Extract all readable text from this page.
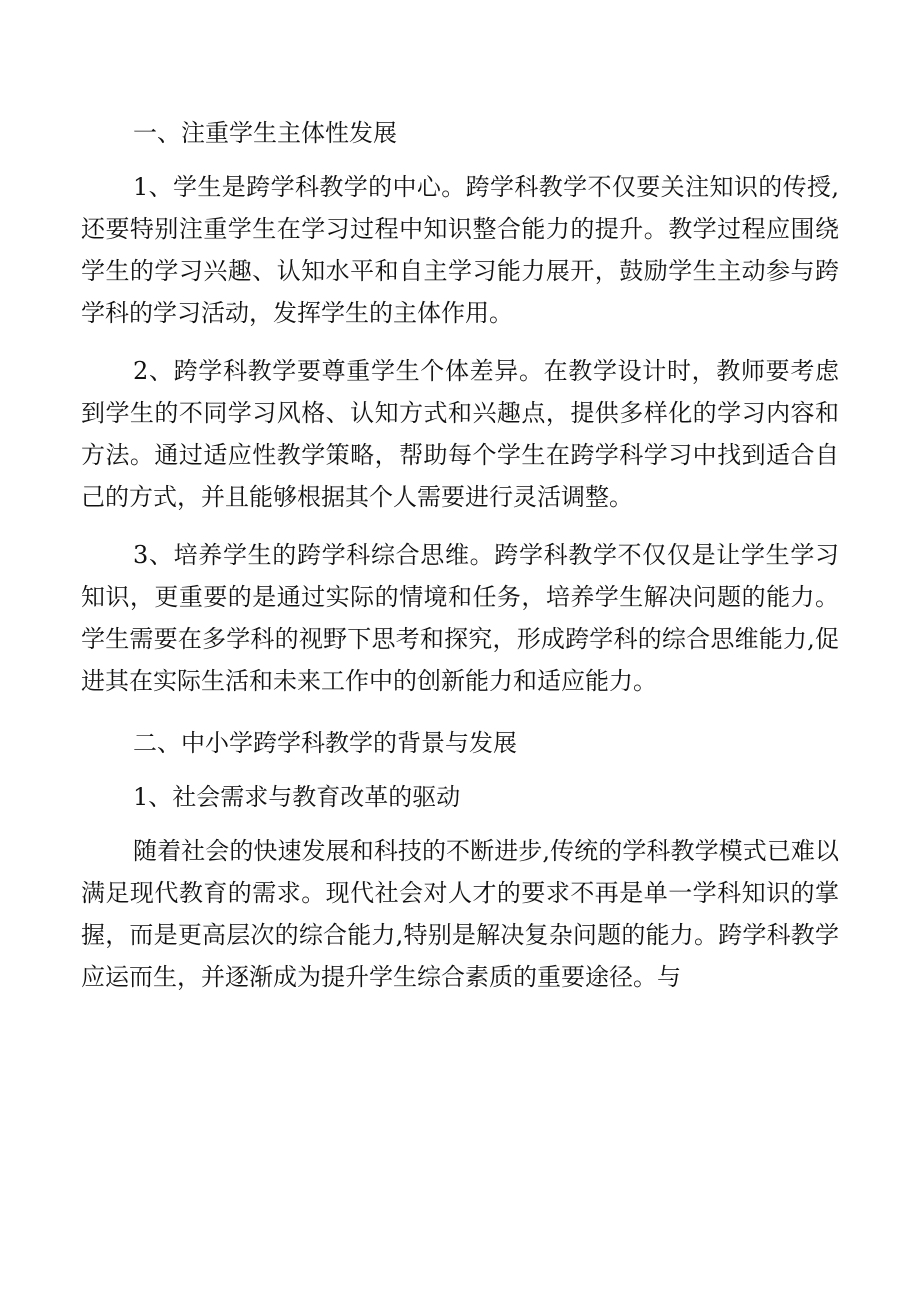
一、注重学生主体性发展

1、学生是跨学科教学的中心。跨学科教学不仅要关注知识的传授,还要特别注重学生在学习过程中知识整合能力的提升。教学过程应围绕学生的学习兴趣、认知水平和自主学习能力展开，鼓励学生主动参与跨学科的学习活动，发挥学生的主体作用。

2、跨学科教学要尊重学生个体差异。在教学设计时，教师要考虑到学生的不同学习风格、认知方式和兴趣点，提供多样化的学习内容和方法。通过适应性教学策略，帮助每个学生在跨学科学习中找到适合自己的方式，并且能够根据其个人需要进行灵活调整。

3、培养学生的跨学科综合思维。跨学科教学不仅仅是让学生学习知识，更重要的是通过实际的情境和任务，培养学生解决问题的能力。学生需要在多学科的视野下思考和探究，形成跨学科的综合思维能力,促进其在实际生活和未来工作中的创新能力和适应能力。

二、中小学跨学科教学的背景与发展

1、社会需求与教育改革的驱动

随着社会的快速发展和科技的不断进步,传统的学科教学模式已难以满足现代教育的需求。现代社会对人才的要求不再是单一学科知识的掌握，而是更高层次的综合能力,特别是解决复杂问题的能力。跨学科教学应运而生，并逐渐成为提升学生综合素质的重要途径。与
